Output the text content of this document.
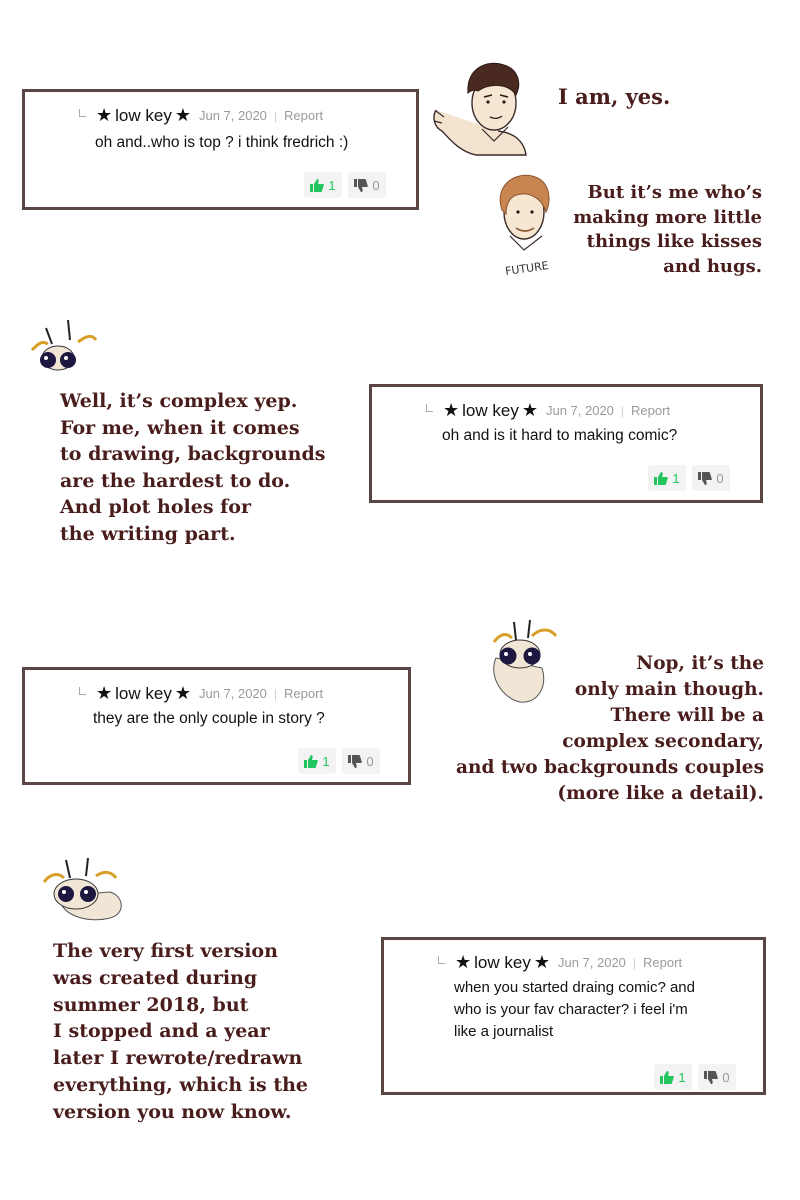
★ low key ★ Jun 7, 2020 | Report
oh and..who is top ? i think fredrich :)
1	0
★ low key ★ Jun 7, 2020 | Report
oh and is it hard to making comic?
1	0
★ low key ★ Jun 7, 2020 | Report
they are the only couple in story ?
1	0
★ low key ★ Jun 7, 2020 | Report
when you started draing comic? and
who is your fav character? i feel i'm
like a journalist
1	0
FUTURE
I am, yes.
But it’s me who’s
making more little
things like kisses
and hugs.
Well, it’s complex yep.
For me, when it comes
to drawing, backgrounds
are the hardest to do.
And plot holes for
the writing part.
Nop, it’s the
only main though.
There will be a
complex secondary,
and two backgrounds couples
(more like a detail).
The very first version
was created during
summer 2018, but
I stopped and a year
later I rewrote/redrawn
everything, which is the
version you now know.
